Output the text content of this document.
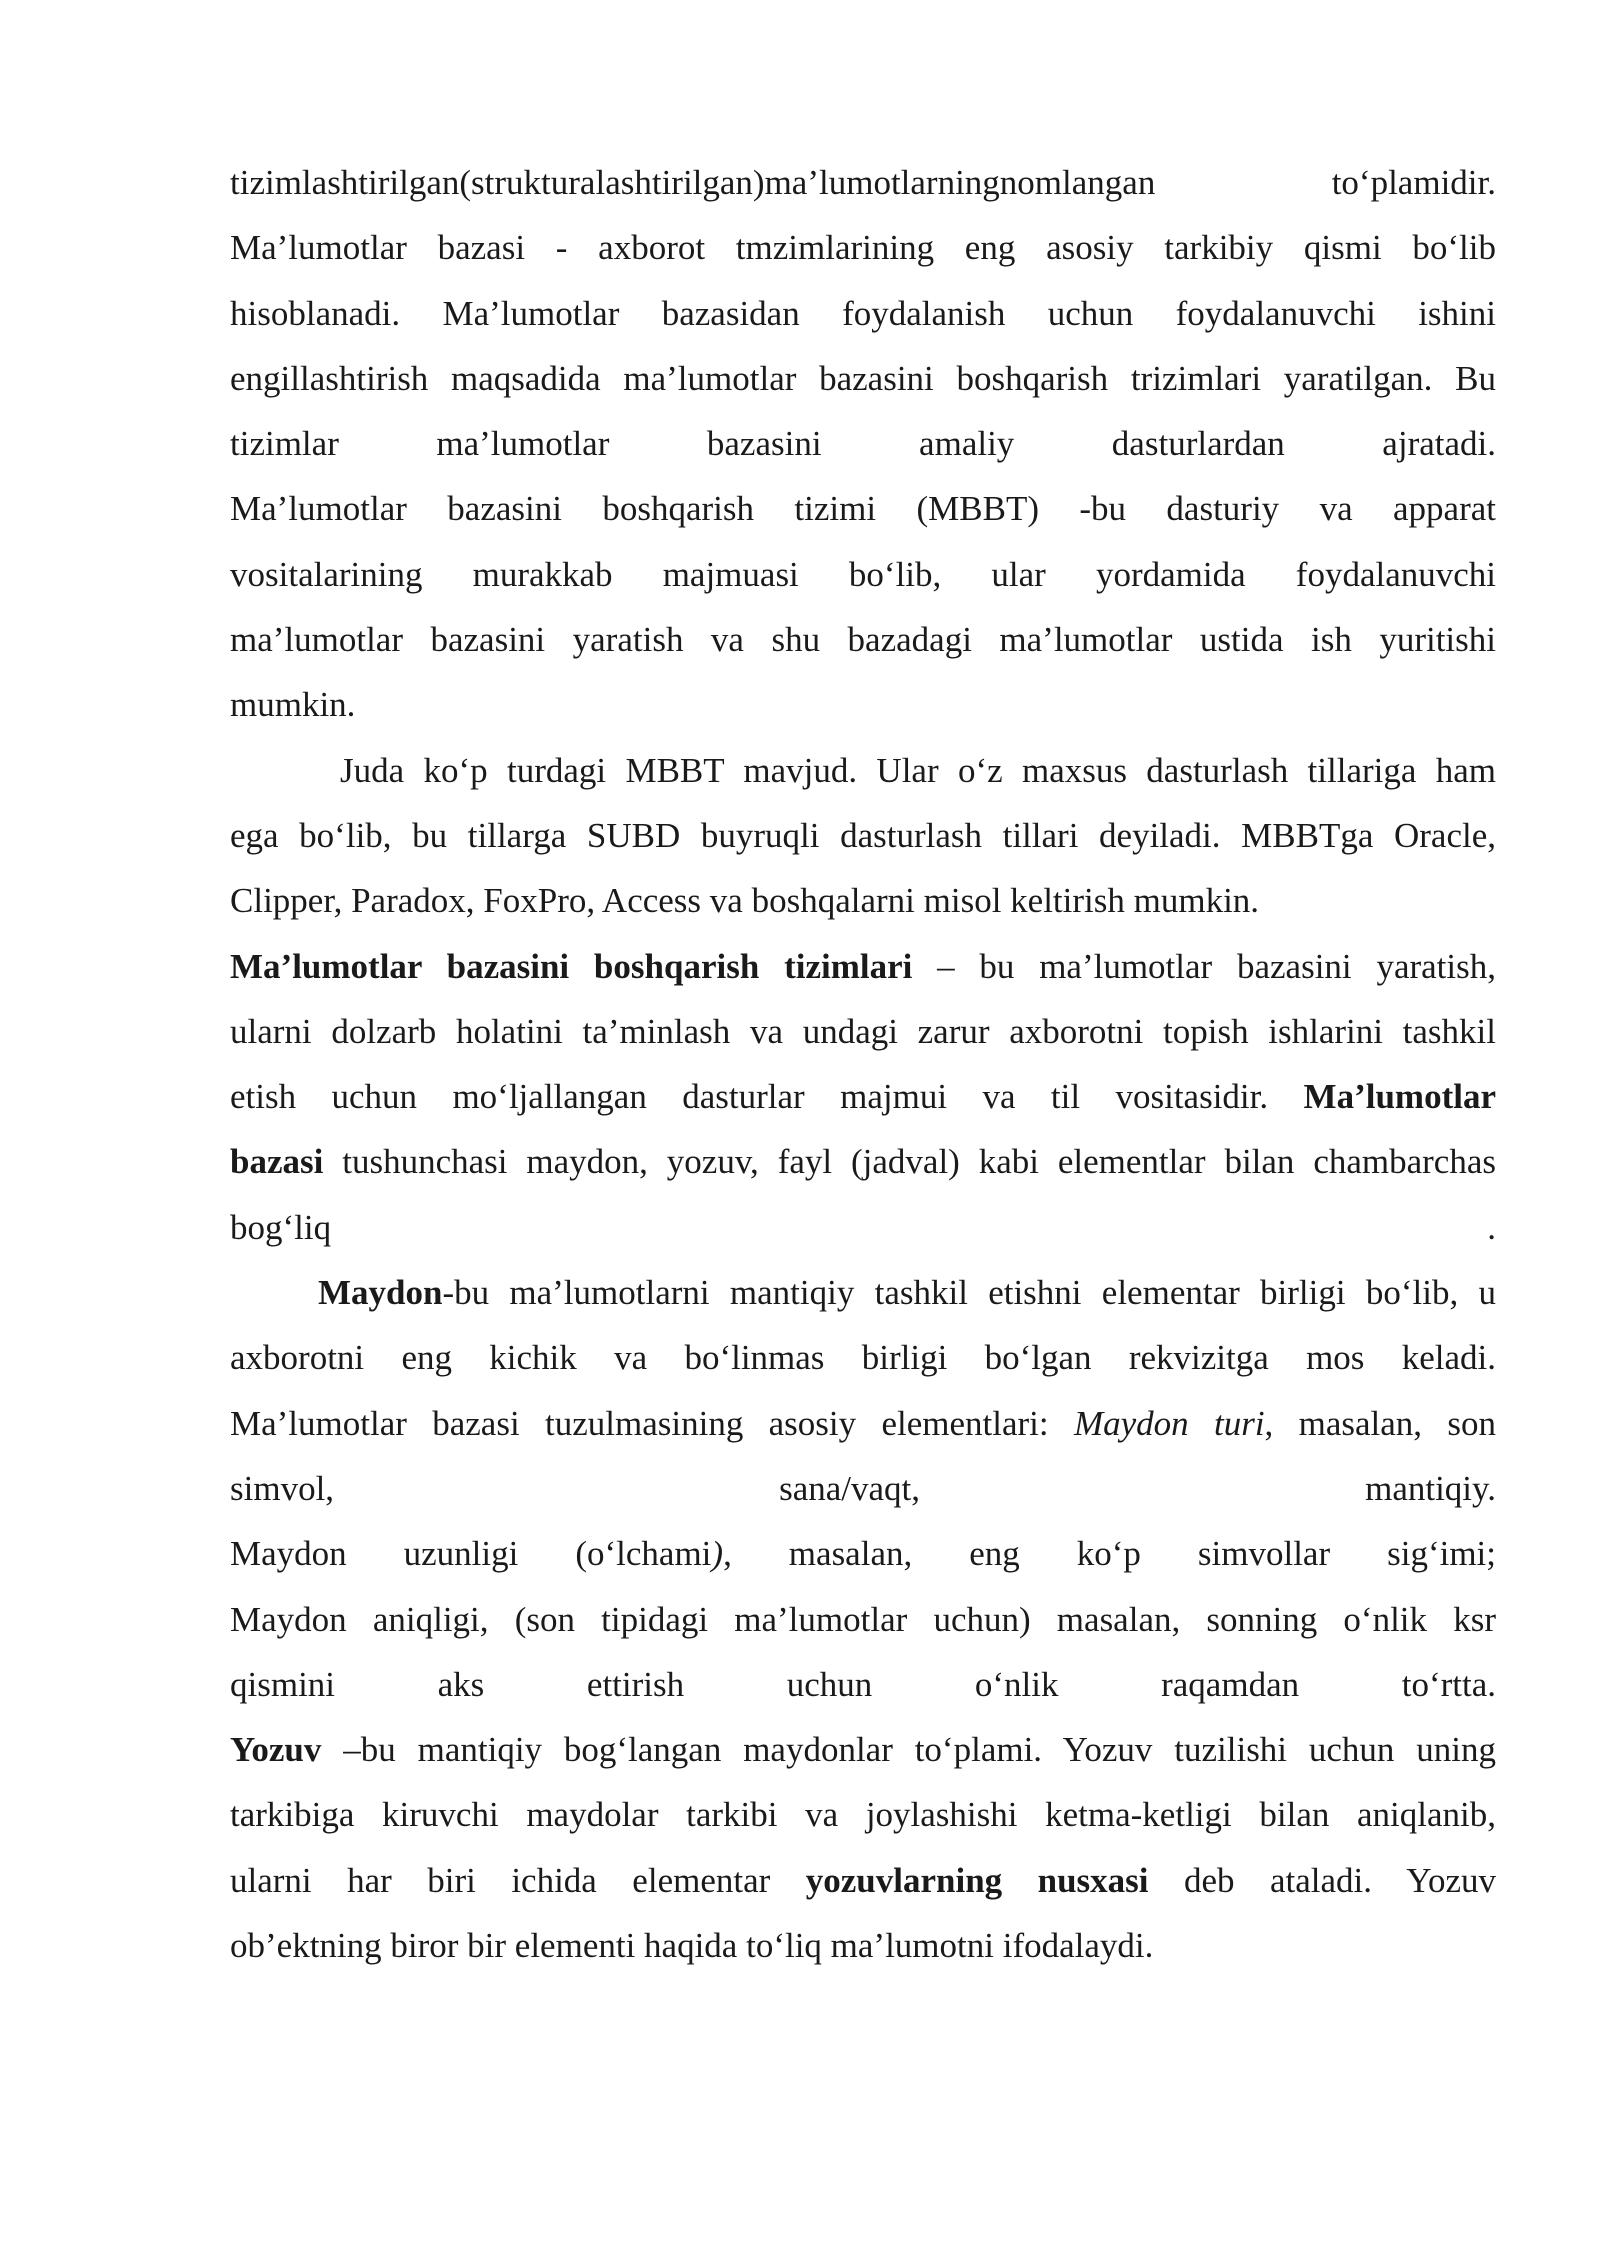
tizimlashtirilgan(strukturalashtirilgan)ma’lumotlarningnomlangan to‘plamidir.
Ma’lumotlar bazasi - axborot tmzimlarining eng asosiy tarkibiy qismi bo‘lib
hisoblanadi. Ma’lumotlar bazasidan foydalanish uchun foydalanuvchi ishini
engillashtirish maqsadida ma’lumotlar bazasini boshqarish trizimlari yaratilgan. Bu
tizimlar ma’lumotlar bazasini amaliy dasturlardan ajratadi.
Ma’lumotlar bazasini boshqarish tizimi (MBBT) -bu dasturiy va apparat
vositalarining murakkab majmuasi bo‘lib, ular yordamida foydalanuvchi
ma’lumotlar bazasini yaratish va shu bazadagi ma’lumotlar ustida ish yuritishi
mumkin.
Juda ko‘p turdagi MBBT mavjud. Ular o‘z maxsus dasturlash tillariga ham
ega bo‘lib, bu tillarga SUBD buyruqli dasturlash tillari deyiladi. MBBTga Oracle,
Clipper, Paradox, FoxPro, Access va boshqalarni misol keltirish mumkin.
Ma’lumotlar bazasini boshqarish tizimlari – bu ma’lumotlar bazasini yaratish,
ularni dolzarb holatini ta’minlash va undagi zarur axborotni topish ishlarini tashkil
etish uchun mo‘ljallangan dasturlar majmui va til vositasidir. Ma’lumotlar
bazasi tushunchasi maydon, yozuv, fayl (jadval) kabi elementlar bilan chambarchas
bog‘liq	.
Maydon-bu ma’lumotlarni mantiqiy tashkil etishni elementar birligi bo‘lib, u
axborotni eng kichik va bo‘linmas birligi bo‘lgan rekvizitga mos keladi.
Ma’lumotlar bazasi tuzulmasining asosiy elementlari: Maydon turi, masalan, son
simvol, sana/vaqt, mantiqiy.
Maydon uzunligi (o‘lchami), masalan, eng ko‘p simvollar sig‘imi;
Maydon aniqligi, (son tipidagi ma’lumotlar uchun) masalan, sonning o‘nlik ksr
qismini aks ettirish uchun o‘nlik raqamdan to‘rtta.
Yozuv –bu mantiqiy bog‘langan maydonlar to‘plami. Yozuv tuzilishi uchun uning
tarkibiga kiruvchi maydolar tarkibi va joylashishi ketma-ketligi bilan aniqlanib,
ularni har biri ichida elementar yozuvlarning nusxasi deb ataladi. Yozuv
ob’ektning biror bir elementi haqida to‘liq ma’lumotni ifodalaydi.
